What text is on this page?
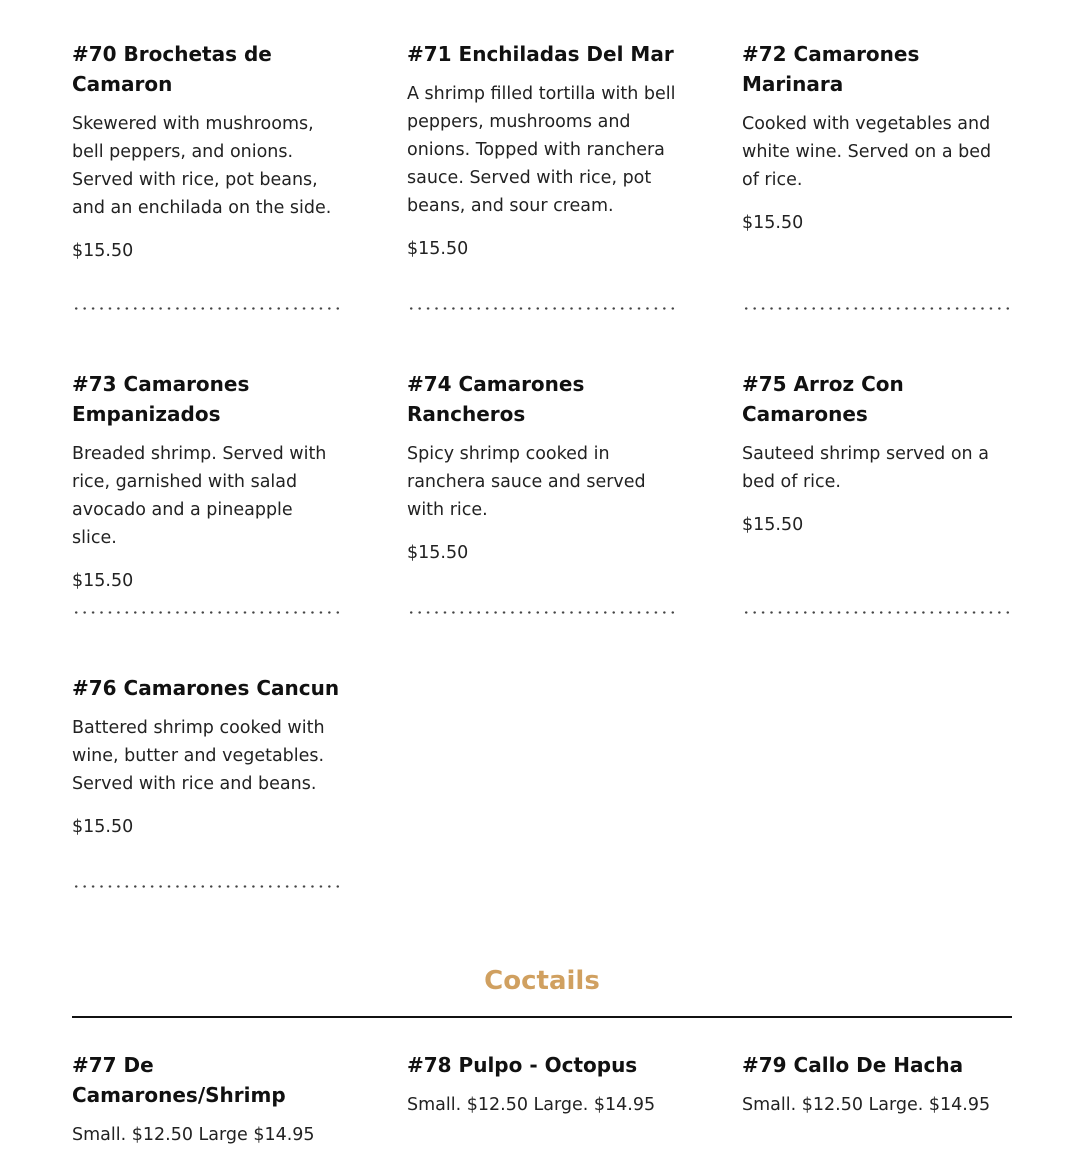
#70 Brochetas de Camaron

Skewered with mushrooms, bell peppers, and onions. Served with rice, pot beans, and an enchilada on the side.

$15.50

#71 Enchiladas Del Mar

A shrimp filled tortilla with bell peppers, mushrooms and onions. Topped with ranchera sauce. Served with rice, pot beans, and sour cream.

$15.50

#72 Camarones Marinara

Cooked with vegetables and white wine. Served on a bed of rice.

$15.50

#73 Camarones Empanizados

Breaded shrimp. Served with rice, garnished with salad avocado and a pineapple slice.

$15.50

#74 Camarones Rancheros

Spicy shrimp cooked in ranchera sauce and served with rice.

$15.50

#75 Arroz Con Camarones

Sauteed shrimp served on a bed of rice.

$15.50

#76 Camarones Cancun

Battered shrimp cooked with wine, butter and vegetables. Served with rice and beans.

$15.50

#77 De Camarones/Shrimp

Small. $12.50 Large $14.95

#78 Pulpo - Octopus

Small. $12.50 Large. $14.95

#79 Callo De Hacha

Small. $12.50 Large. $14.95

Coctails
